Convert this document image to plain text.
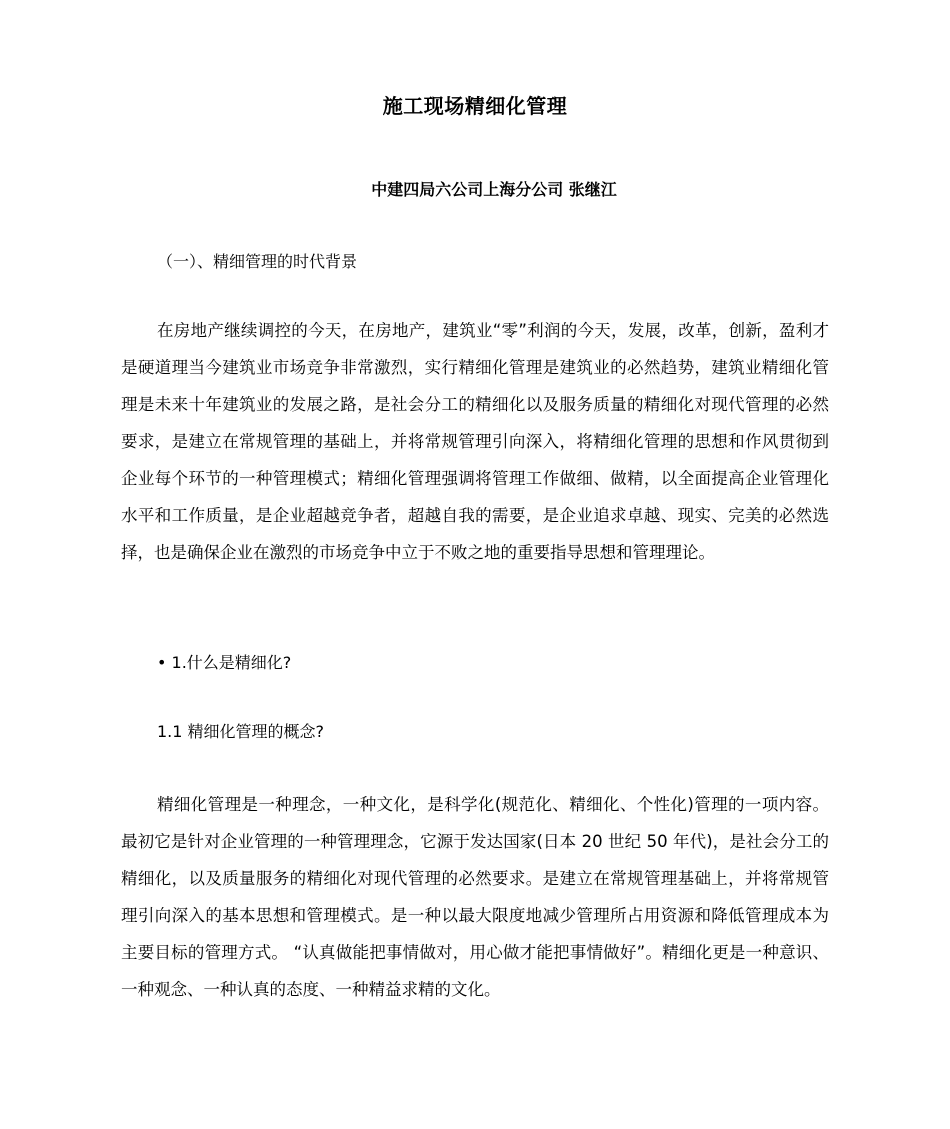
施工现场精细化管理
中建四局六公司上海分公司 张继江
（一）、精细管理的时代背景

在房地产继续调控的今天，在房地产，建筑业“零”利润的今天，发展，改革，创新，盈利才是硬道理当今建筑业市场竞争非常激烈，实行精细化管理是建筑业的必然趋势，建筑业精细化管理是未来十年建筑业的发展之路，是社会分工的精细化以及服务质量的精细化对现代管理的必然要求，是建立在常规管理的基础上，并将常规管理引向深入，将精细化管理的思想和作风贯彻到企业每个环节的一种管理模式；精细化管理强调将管理工作做细、做精，以全面提高企业管理化水平和工作质量，是企业超越竞争者，超越自我的需要，是企业追求卓越、现实、完美的必然选择，也是确保企业在激烈的市场竞争中立于不败之地的重要指导思想和管理理论。

• 1.什么是精细化?
1.1 精细化管理的概念?

精细化管理是一种理念，一种文化，是科学化(规范化、精细化、个性化)管理的一项内容。最初它是针对企业管理的一种管理理念，它源于发达国家(日本 20 世纪 50 年代)，是社会分工的精细化，以及质量服务的精细化对现代管理的必然要求。是建立在常规管理基础上，并将常规管理引向深入的基本思想和管理模式。是一种以最大限度地减少管理所占用资源和降低管理成本为主要目标的管理方式。 “认真做能把事情做对，用心做才能把事情做好”。精细化更是一种意识、一种观念、一种认真的态度、一种精益求精的文化。
